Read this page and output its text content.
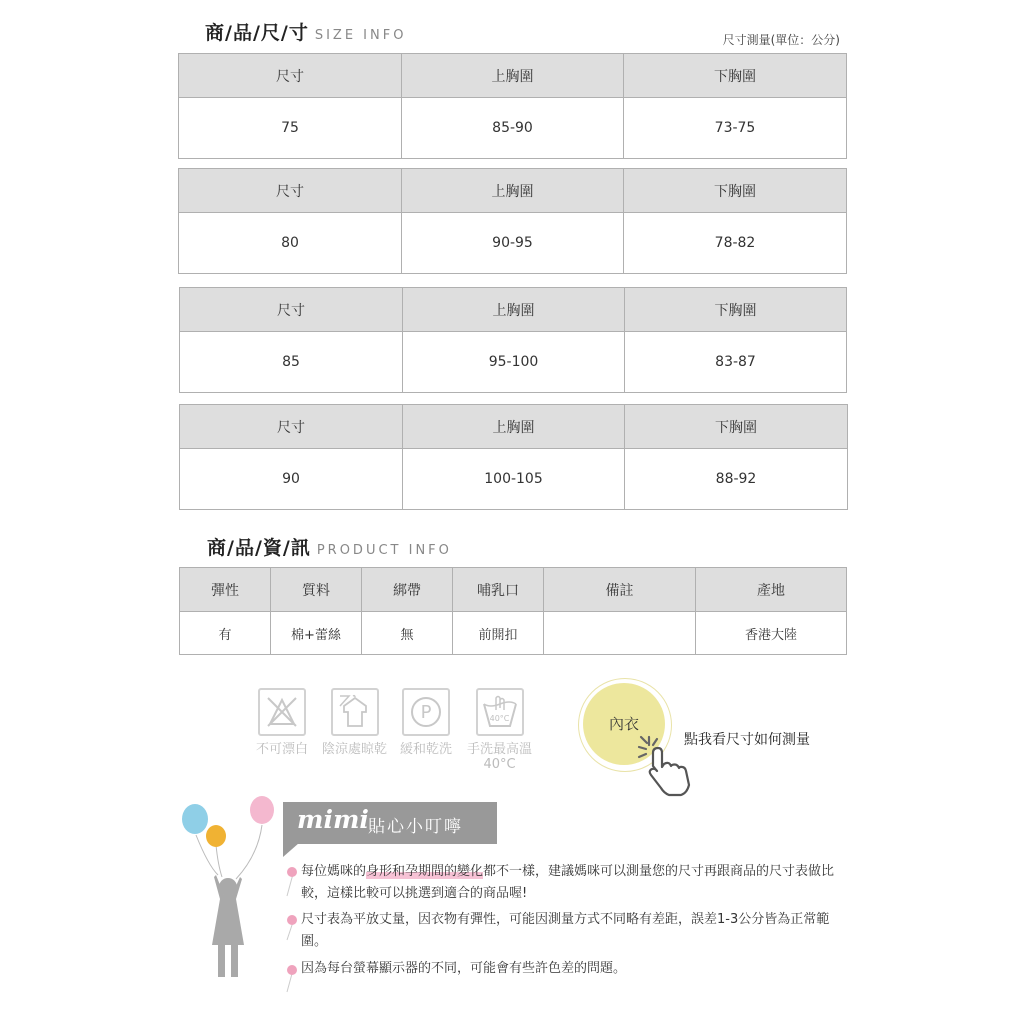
商/品/尺/寸 SIZE INFO	尺寸測量(單位：公分)
尺寸	上胸圍	下胸圍
75	85-90	73-75
尺寸	上胸圍	下胸圍
80	90-95	78-82
尺寸	上胸圍	下胸圍
85	95-100	83-87
尺寸	上胸圍	下胸圍
90	100-105	88-92
商/品/資/訊 PRODUCT INFO
彈性	質料	綁帶	哺乳口	備註	產地
有	棉+蕾絲	無	前開扣		香港大陸
不可漂白 陰涼處晾乾
P
緩和乾洗
40°C
手洗最高溫
40°C
內衣
點我看尺寸如何測量
mimi 貼心小叮嚀
每位媽咪的身形和孕期間的變化都不一樣，建議媽咪可以測量您的尺寸再跟商品的尺寸表做比較，這樣比較可以挑選到適合的商品喔!
尺寸表為平放丈量，因衣物有彈性，可能因測量方式不同略有差距，誤差1-3公分皆為正常範圍。
因為每台螢幕顯示器的不同，可能會有些許色差的問題。
